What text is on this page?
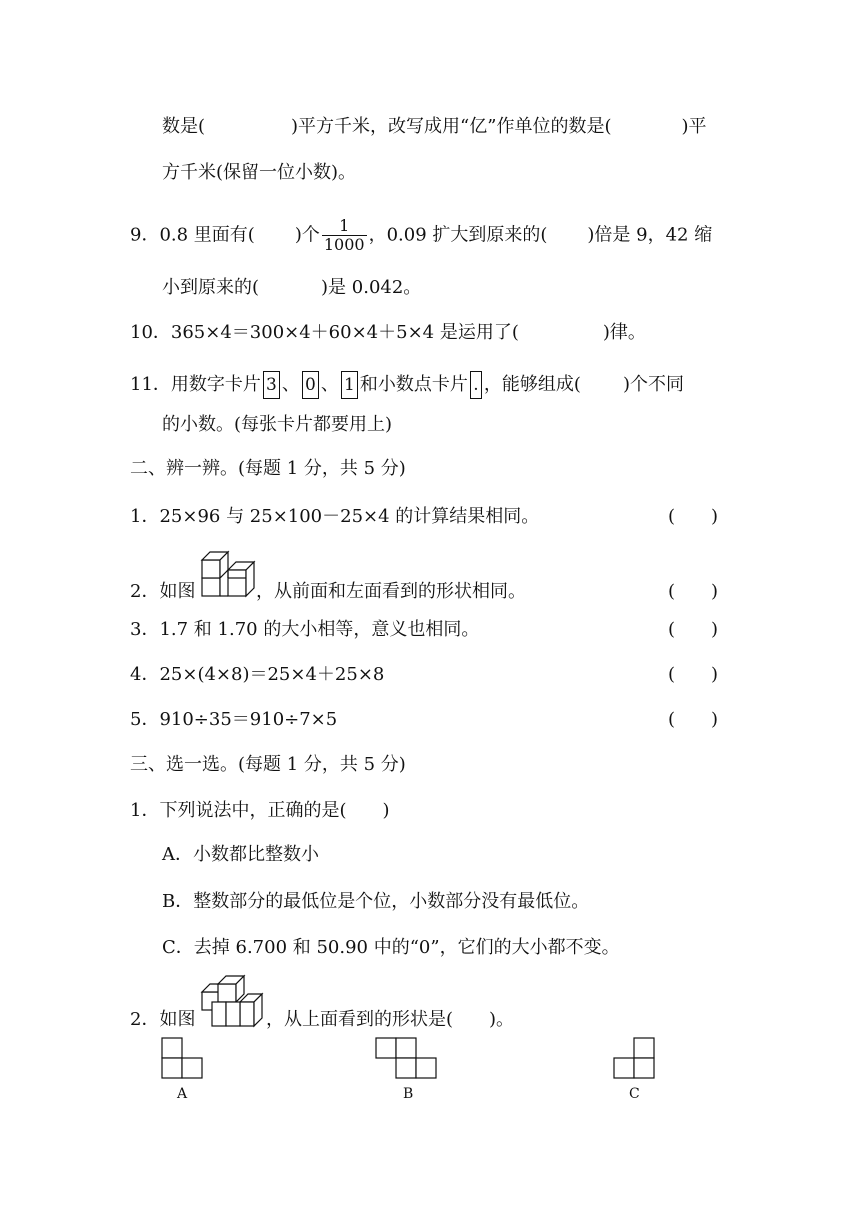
数是(	)平方千米，改写成用“亿”作单位的数是(	)平
方千米(保留一位小数)。
9．0.8 里面有( )个 $\frac{1}{1000}$ ，0.09 扩大到原来的( )倍是 9，42 缩
小到原来的(	)是 0.042。
10．365×4＝300×4＋60×4＋5×4 是运用了(	)律。
11．用数字卡片 3 、 0 、 1 和小数点卡片 . ，能够组成( )个不同
的小数。(每张卡片都要用上)
二、辨一辨。(每题 1 分，共 5 分)
1．25×96 与 25×100－25×4 的计算结果相同。	(　　)
2．如图	，从前面和左面看到的形状相同。	(　　)
3．1.7 和 1.70 的大小相等，意义也相同。	(　　)
4．25×(4×8)＝25×4＋25×8	(　　)
5．910÷35＝910÷7×5	(　　)
三、选一选。(每题 1 分，共 5 分)
1．下列说法中，正确的是(　　)
A．小数都比整数小
B．整数部分的最低位是个位，小数部分没有最低位。
C．去掉 6.700 和 50.90 中的“0”，它们的大小都不变。
2．如图	，从上面看到的形状是(　　)。
A	B	C
